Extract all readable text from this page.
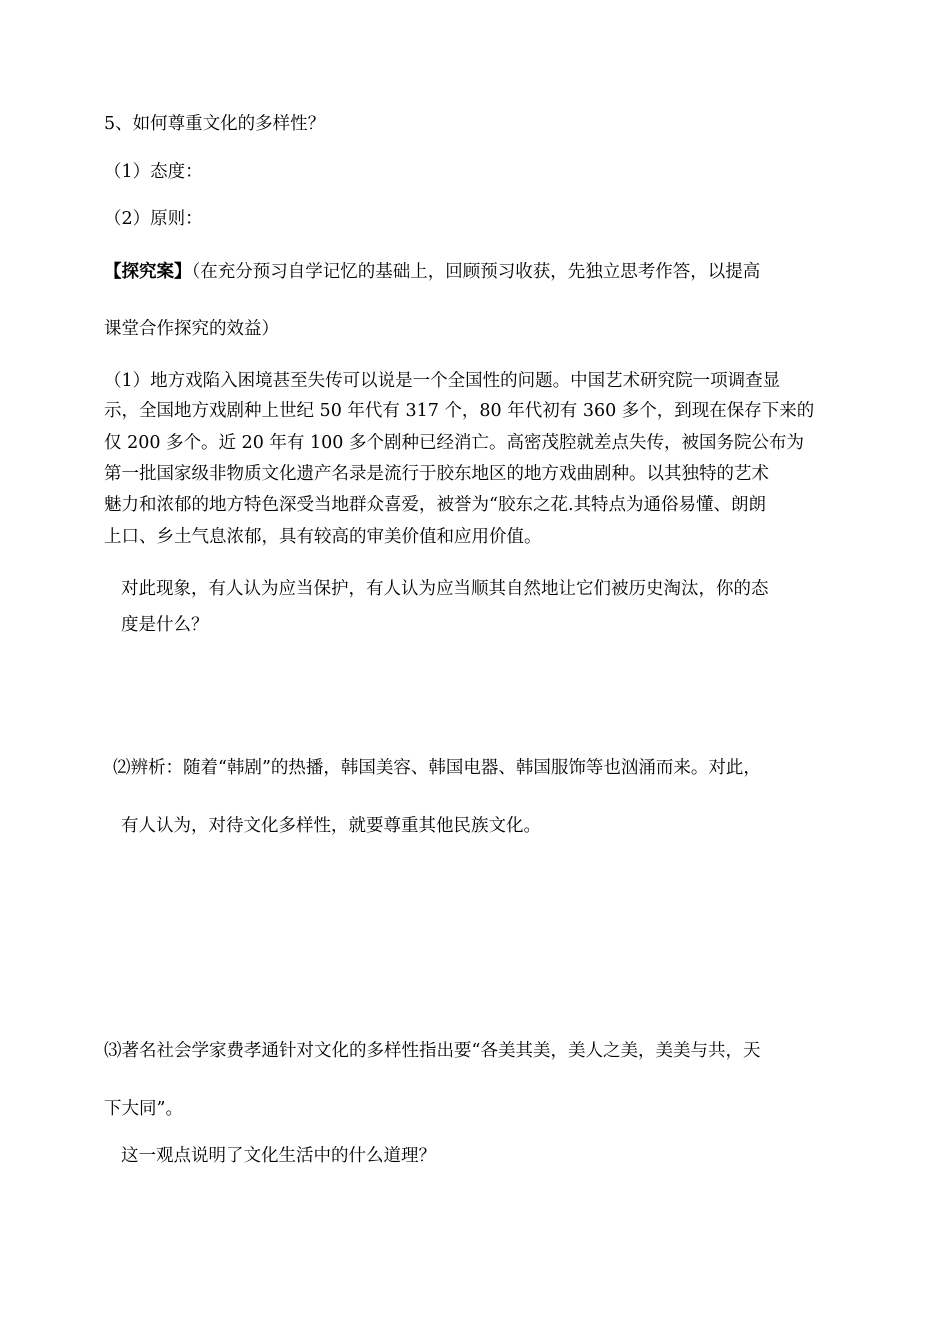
5、如何尊重文化的多样性？
（1）态度：
（2）原则：
【探究案】（在充分预习自学记忆的基础上，回顾预习收获，先独立思考作答，以提高
课堂合作探究的效益）
（1）地方戏陷入困境甚至失传可以说是一个全国性的问题。中国艺术研究院一项调查显
示，全国地方戏剧种上世纪 50 年代有 317 个，80 年代初有 360 多个，到现在保存下来的
仅 200 多个。近 20 年有 100 多个剧种已经消亡。高密茂腔就差点失传，被国务院公布为
第一批国家级非物质文化遗产名录是流行于胶东地区的地方戏曲剧种。以其独特的艺术
魅力和浓郁的地方特色深受当地群众喜爱，被誉为“胶东之花.其特点为通俗易懂、朗朗
上口、乡土气息浓郁，具有较高的审美价值和应用价值。
对此现象，有人认为应当保护，有人认为应当顺其自然地让它们被历史淘汰，你的态
度是什么？
⑵辨析：随着“韩剧”的热播，韩国美容、韩国电器、韩国服饰等也汹涌而来。对此，
有人认为，对待文化多样性，就要尊重其他民族文化。
⑶著名社会学家费孝通针对文化的多样性指出要“各美其美，美人之美，美美与共，天
下大同”。
这一观点说明了文化生活中的什么道理？
